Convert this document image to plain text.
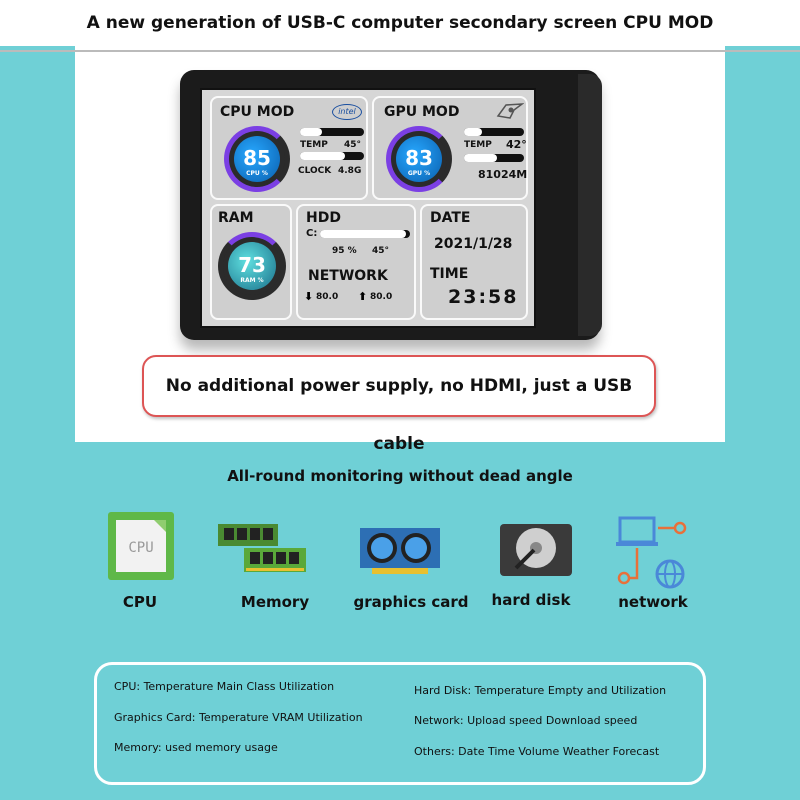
A new generation of USB-C computer secondary screen CPU MOD
CPU MOD	intel
85
CPU %
TEMP 45°
CLOCK 4.8G
GPU MOD
83
GPU %
TEMP 42°
81024M
RAM
73
RAM %
HDD
C:
95 % 45°
NETWORK
⬇ 80.0 ⬆ 80.0
DATE
2021/1/28
TIME
23:58
No additional power supply, no HDMI, just a USB cable
All-round monitoring without dead angle
CPU
CPU	Memory	graphics card	hard disk	network
CPU: Temperature Main Class Utilization
Graphics Card: Temperature VRAM Utilization
Memory: used memory usage
Hard Disk: Temperature Empty and Utilization
Network: Upload speed Download speed
Others: Date Time Volume Weather Forecast
